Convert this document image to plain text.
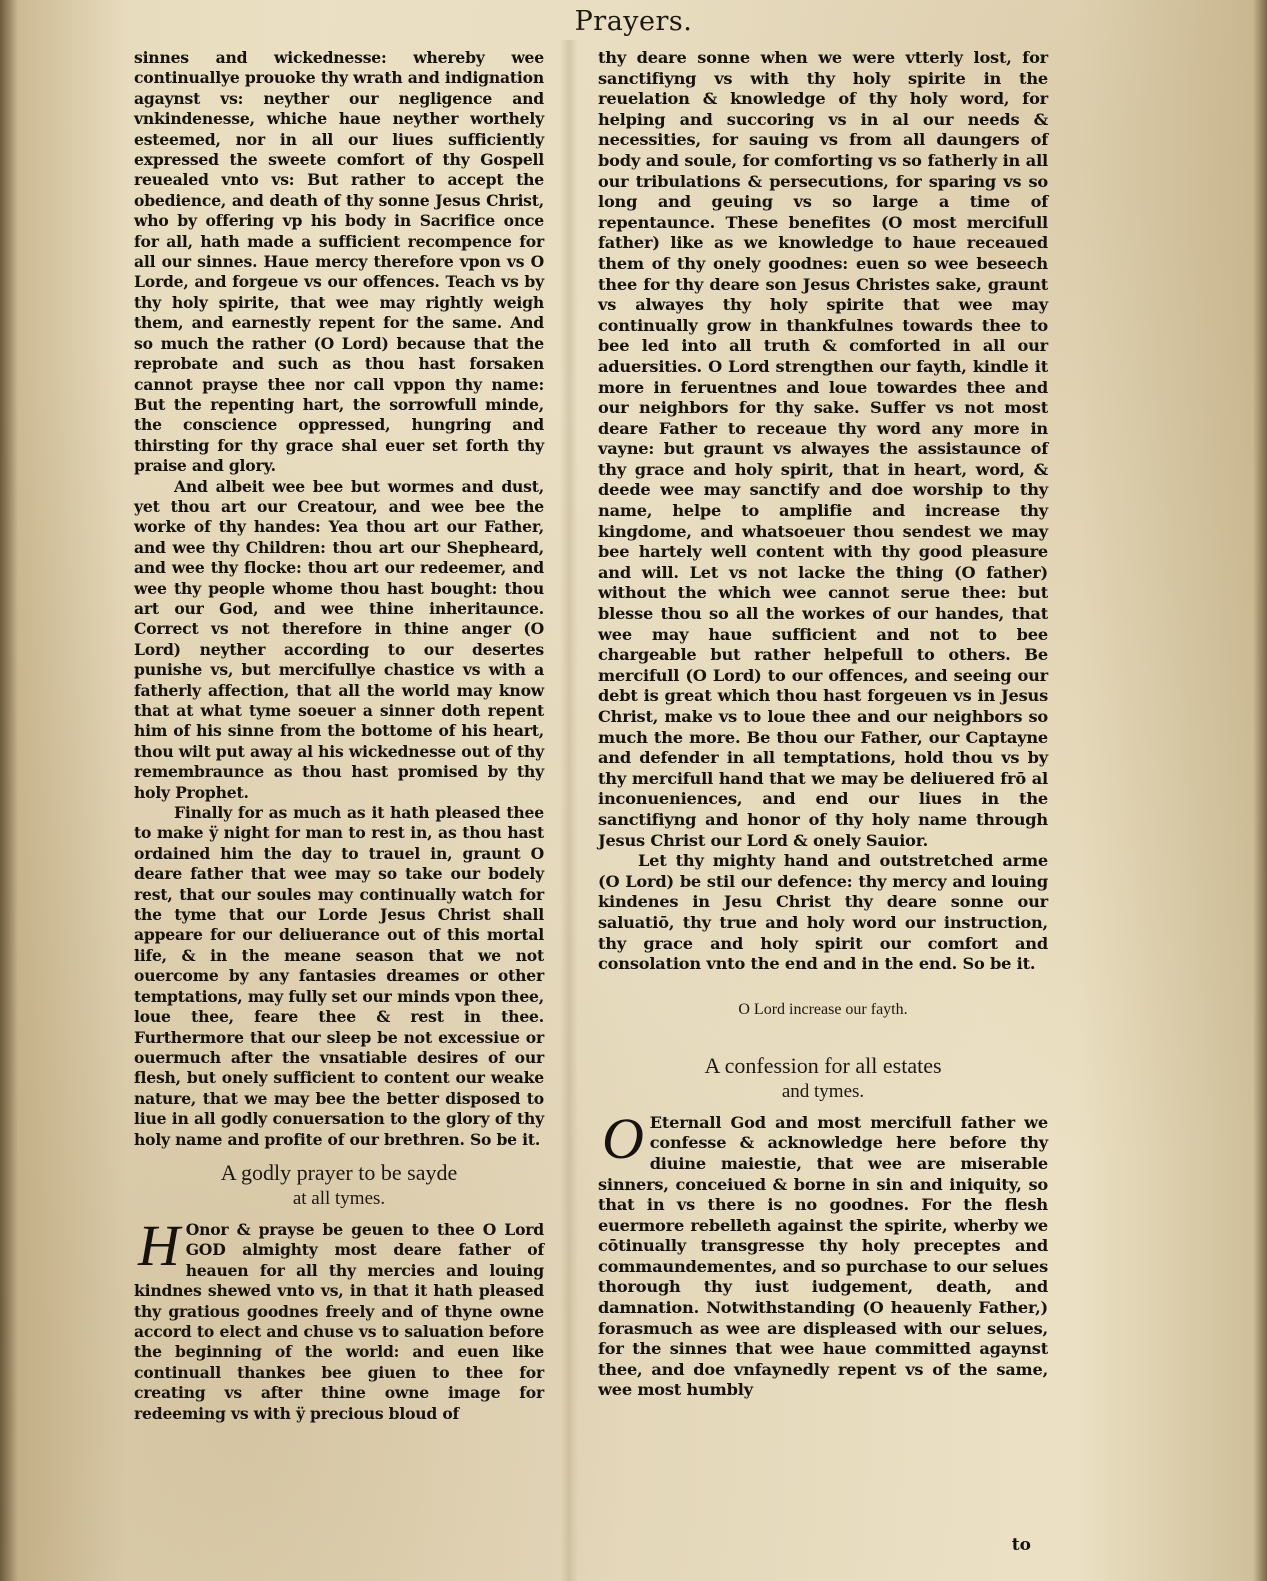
Prayers.

sinnes and wickednesse: whereby wee continuallye prouoke thy wrath and indignation agaynst vs: neyther our negligence and vnkindenesse, whiche haue neyther worthely esteemed, nor in all our liues sufficiently expressed the sweete comfort of thy Gospell reuealed vnto vs: But rather to accept the obedience, and death of thy sonne Jesus Christ, who by offering vp his body in Sacrifice once for all, hath made a sufficient recompence for all our sinnes. Haue mercy therefore vpon vs O Lorde, and forgeue vs our offences. Teach vs by thy holy spirite, that wee may rightly weigh them, and earnestly repent for the same. And so much the rather (O Lord) because that the reprobate and such as thou hast forsaken cannot prayse thee nor call vppon thy name: But the repenting hart, the sorrowfull minde, the conscience oppressed, hungring and thirsting for thy grace shal euer set forth thy praise and glory.

And albeit wee bee but wormes and dust, yet thou art our Creatour, and wee bee the worke of thy handes: Yea thou art our Father, and wee thy Children: thou art our Shepheard, and wee thy flocke: thou art our redeemer, and wee thy people whome thou hast bought: thou art our God, and wee thine inheritaunce. Correct vs not therefore in thine anger (O Lord) neyther according to our desertes punishe vs, but mercifullye chastice vs with a fatherly affection, that all the world may know that at what tyme soeuer a sinner doth repent him of his sinne from the bottome of his heart, thou wilt put away al his wickednesse out of thy remembraunce as thou hast promised by thy holy Prophet.

Finally for as much as it hath pleased thee to make ÿ night for man to rest in, as thou hast ordained him the day to trauel in, graunt O deare father that wee may so take our bodely rest, that our soules may continually watch for the tyme that our Lorde Jesus Christ shall appeare for our deliuerance out of this mortal life, & in the meane season that we not ouercome by any fantasies dreames or other temptations, may fully set our minds vpon thee, loue thee, feare thee & rest in thee. Furthermore that our sleep be not excessiue or ouermuch after the vnsatiable desires of our flesh, but onely sufficient to content our weake nature, that we may bee the better disposed to liue in all godly conuersation to the glory of thy holy name and profite of our brethren. So be it.

A godly prayer to be sayde
at all tymes.

H Onor & prayse be geuen to thee O Lord GOD almighty most deare father of heauen for all thy mercies and louing kindnes shewed vnto vs, in that it hath pleased thy gratious goodnes freely and of thyne owne accord to elect and chuse vs to saluation before the beginning of the world: and euen like continuall thankes bee giuen to thee for creating vs after thine owne image for redeeming vs with ÿ precious bloud of

thy deare sonne when we were vtterly lost, for sanctifiyng vs with thy holy spirite in the reuelation & knowledge of thy holy word, for helping and succoring vs in al our needs & necessities, for sauing vs from all daungers of body and soule, for comforting vs so fatherly in all our tribulations & persecutions, for sparing vs so long and geuing vs so large a time of repentaunce. These benefites (O most mercifull father) like as we knowledge to haue receaued them of thy onely goodnes: euen so wee beseech thee for thy deare son Jesus Christes sake, graunt vs alwayes thy holy spirite that wee may continually grow in thankfulnes towards thee to bee led into all truth & comforted in all our aduersities. O Lord strengthen our fayth, kindle it more in feruentnes and loue towardes thee and our neighbors for thy sake. Suffer vs not most deare Father to receaue thy word any more in vayne: but graunt vs alwayes the assistaunce of thy grace and holy spirit, that in heart, word, & deede wee may sanctify and doe worship to thy name, helpe to amplifie and increase thy kingdome, and whatsoeuer thou sendest we may bee hartely well content with thy good pleasure and will. Let vs not lacke the thing (O father) without the which wee cannot serue thee: but blesse thou so all the workes of our handes, that wee may haue sufficient and not to bee chargeable but rather helpefull to others. Be mercifull (O Lord) to our offences, and seeing our debt is great which thou hast forgeuen vs in Jesus Christ, make vs to loue thee and our neighbors so much the more. Be thou our Father, our Captayne and defender in all temptations, hold thou vs by thy mercifull hand that we may be deliuered frō al inconueniences, and end our liues in the sanctifiyng and honor of thy holy name through Jesus Christ our Lord & onely Sauior.

Let thy mighty hand and outstretched arme (O Lord) be stil our defence: thy mercy and louing kindenes in Jesu Christ thy deare sonne our saluatiō, thy true and holy word our instruction, thy grace and holy spirit our comfort and consolation vnto the end and in the end. So be it.

O Lord increase our fayth.
A confession for all estates
and tymes.

O Eternall God and most mercifull father we confesse & acknowledge here before thy diuine maiestie, that wee are miserable sinners, conceiued & borne in sin and iniquity, so that in vs there is no goodnes. For the flesh euermore rebelleth against the spirite, wherby we cōtinually transgresse thy holy preceptes and commaundementes, and so purchase to our selues thorough thy iust iudgement, death, and damnation. Notwithstanding (O heauenly Father,) forasmuch as wee are displeased with our selues, for the sinnes that wee haue committed agaynst thee, and doe vnfaynedly repent vs of the same, wee most humbly

to
